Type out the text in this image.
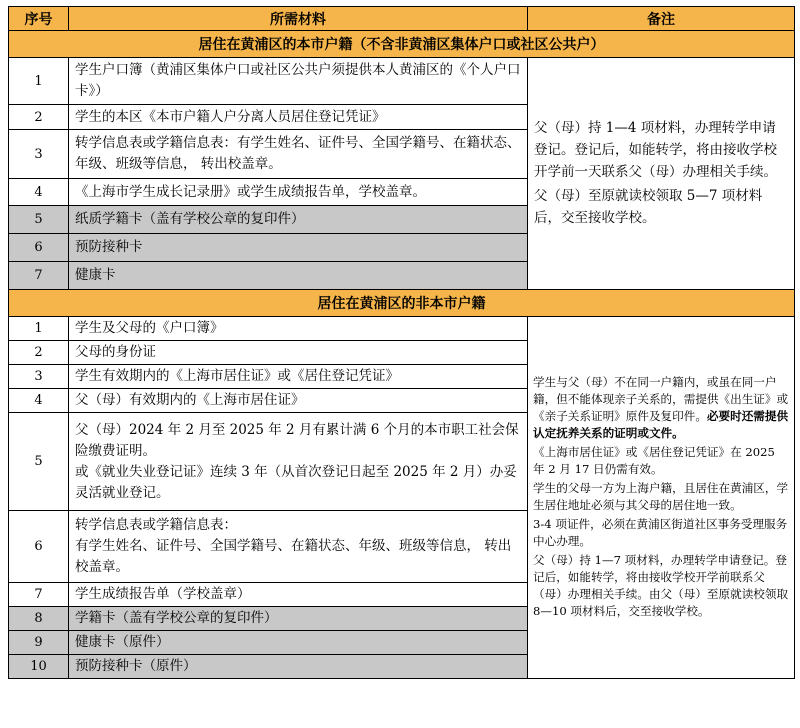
序号	所需材料	备注
居住在黄浦区的本市户籍（不含非黄浦区集体户口或社区公共户）		
1	学生户口簿（黄浦区集体户口或社区公共户须提供本人黄浦区的《个人户口卡》）	父（母）持 1—4 项材料，办理转学申请登记。登记后，如能转学，将由接收学校开学前一天联系父（母）办理相关手续。

父（母）至原就读校领取 5—7 项材料后，交至接收学校。

2	学生的本区《本市户籍人户分离人员居住登记凭证》	
3	转学信息表或学籍信息表：有学生姓名、证件号、全国学籍号、在籍状态、年级、班级等信息， 转出校盖章。	
4	《上海市学生成长记录册》或学生成绩报告单，学校盖章。	
5	纸质学籍卡（盖有学校公章的复印件）	
6	预防接种卡	
7	健康卡	
居住在黄浦区的非本市户籍		
1	学生及父母的《户口簿》	学生与父（母）不在同一户籍内，或虽在同一户籍，但不能体现亲子关系的，需提供《出生证》或《亲子关系证明》原件及复印件。必要时还需提供认定抚养关系的证明或文件。

《上海市居住证》或《居住登记凭证》在 2025 年 2 月 17 日仍需有效。

学生的父母一方为上海户籍，且居住在黄浦区，学生居住地址必须与其父母的居住地一致。

3-4 项证件，必须在黄浦区街道社区事务受理服务中心办理。

父（母）持 1—7 项材料，办理转学申请登记。登记后，如能转学，将由接收学校开学前联系父（母）办理相关手续。由父（母）至原就读校领取 8—10 项材料后，交至接收学校。

2	父母的身份证	
3	学生有效期内的《上海市居住证》或《居住登记凭证》	
4	父（母）有效期内的《上海市居住证》	
5	父（母）2024 年 2 月至 2025 年 2 月有累计满 6 个月的本市职工社会保险缴费证明。
或《就业失业登记证》连续 3 年（从首次登记日起至 2025 年 2 月）办妥灵活就业登记。	

6	转学信息表或学籍信息表：
有学生姓名、证件号、全国学籍号、在籍状态、年级、班级等信息， 转出校盖章。	

7	学生成绩报告单（学校盖章）	
8	学籍卡（盖有学校公章的复印件）	
9	健康卡（原件）	
10	预防接种卡（原件）	
